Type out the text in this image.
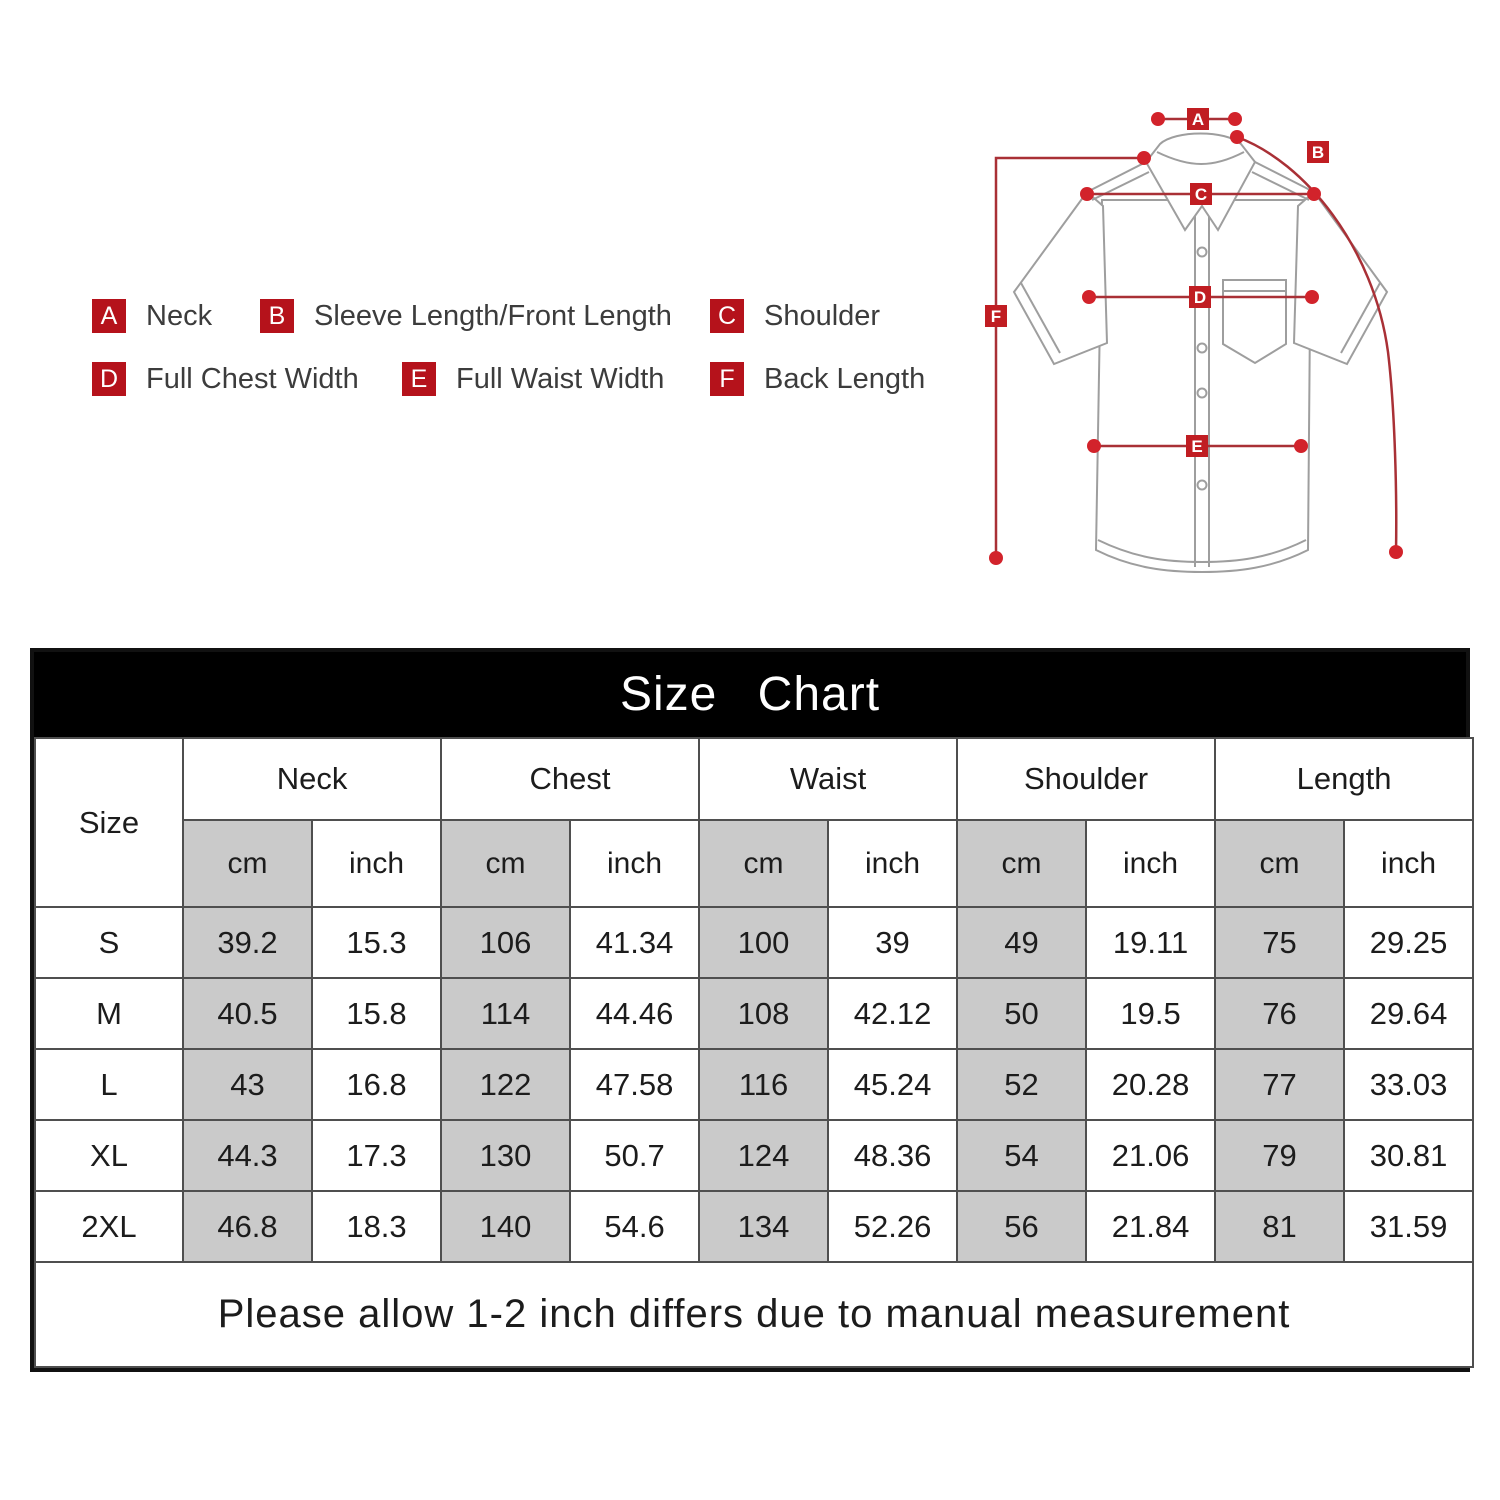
A Neck	B Sleeve Length/Front Length	C Shoulder
D Full Chest Width	E Full Waist Width	F	Back Length
A
B
C
D
E
F
Size Chart
Size	Neck		Chest		Waist		Shoulder		Length	
	cm	inch	cm	inch	cm	inch	cm	inch	cm	inch
S	39.2	15.3	106	41.34	100	39	49	19.11	75	29.25
M	40.5	15.8	114	44.46	108	42.12	50	19.5	76	29.64
L	43	16.8	122	47.58	116	45.24	52	20.28	77	33.03
XL	44.3	17.3	130	50.7	124	48.36	54	21.06	79	30.81
2XL	46.8	18.3	140	54.6	134	52.26	56	21.84	81	31.59
Please allow 1-2 inch differs due to manual measurement										
